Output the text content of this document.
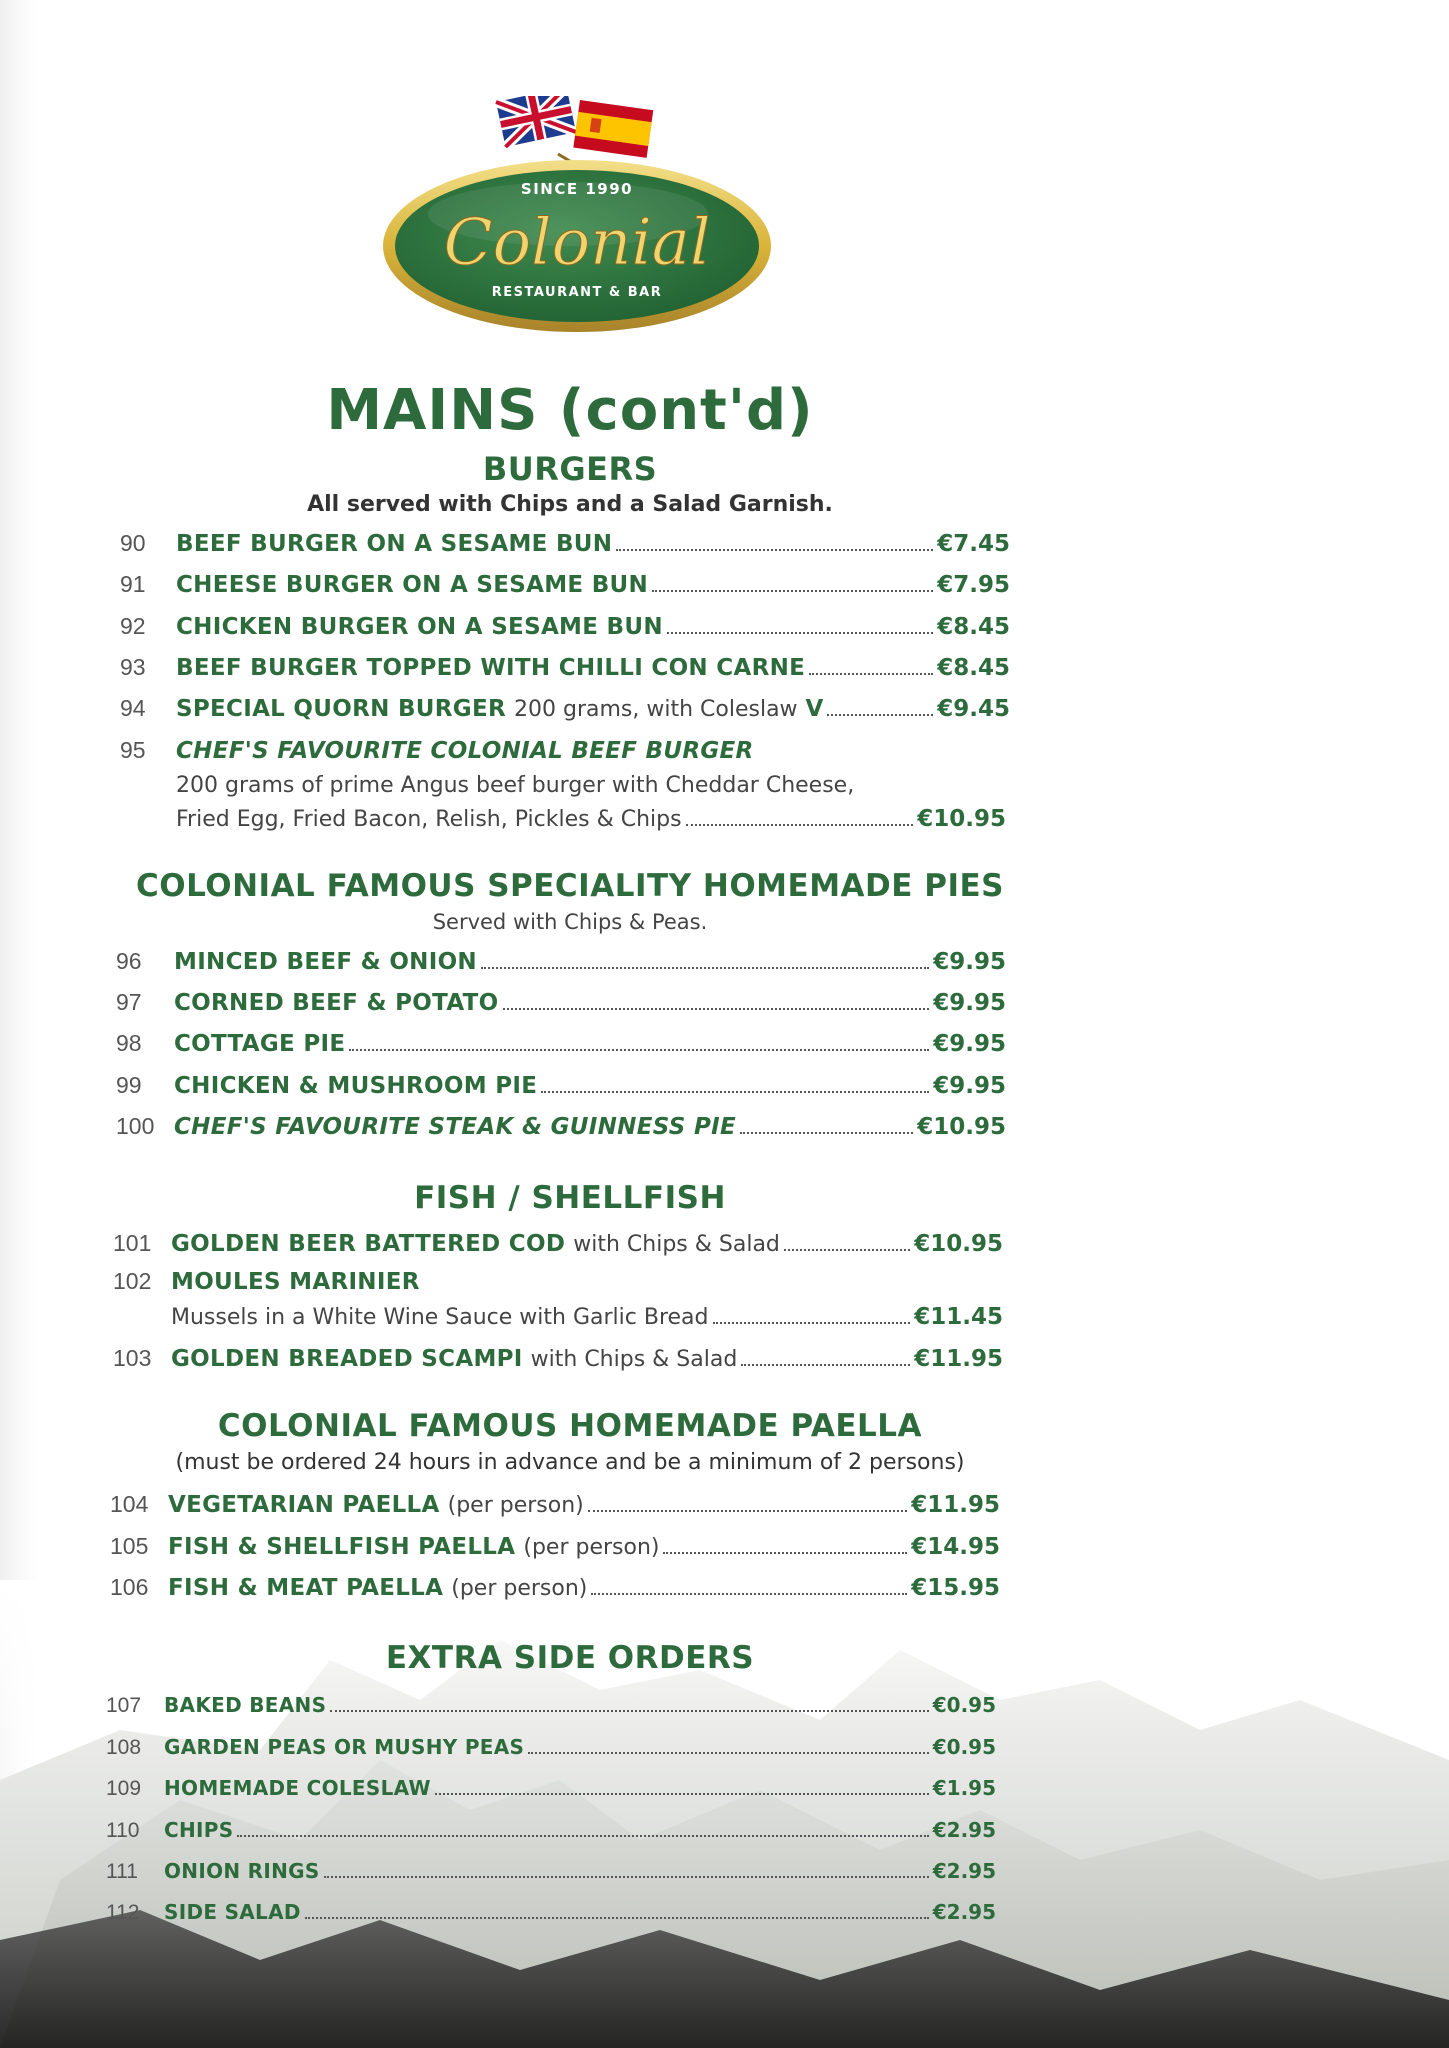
SINCE 1990
Colonial
RESTAURANT & BAR
MAINS (cont'd)
BURGERS
All served with Chips and a Salad Garnish.
90	BEEF BURGER ON A SESAME BUN	€7.45
91	CHEESE BURGER ON A SESAME BUN	€7.95
92	CHICKEN BURGER ON A SESAME BUN	€8.45
93	BEEF BURGER TOPPED WITH CHILLI CON CARNE	€8.45
94	SPECIAL QUORN BURGER 200 grams, with Coleslaw V	€9.45
95	CHEF'S FAVOURITE COLONIAL BEEF BURGER
200 grams of prime Angus beef burger with Cheddar Cheese,
Fried Egg, Fried Bacon, Relish, Pickles & Chips	€10.95
COLONIAL FAMOUS SPECIALITY HOMEMADE PIES
Served with Chips & Peas.
96	MINCED BEEF & ONION	€9.95
97	CORNED BEEF & POTATO	€9.95
98	COTTAGE PIE	€9.95
99	CHICKEN & MUSHROOM PIE	€9.95
100 CHEF'S FAVOURITE STEAK & GUINNESS PIE	€10.95
FISH / SHELLFISH
101 GOLDEN BEER BATTERED COD with Chips & Salad	€10.95
102 MOULES MARINIER
Mussels in a White Wine Sauce with Garlic Bread	€11.45
103 GOLDEN BREADED SCAMPI with Chips & Salad	€11.95
COLONIAL FAMOUS HOMEMADE PAELLA
(must be ordered 24 hours in advance and be a minimum of 2 persons)
104 VEGETARIAN PAELLA (per person)	€11.95
105 FISH & SHELLFISH PAELLA (per person)	€14.95
106 FISH & MEAT PAELLA (per person)	€15.95
EXTRA SIDE ORDERS
107	BAKED BEANS	€0.95
108	GARDEN PEAS OR MUSHY PEAS	€0.95
109	HOMEMADE COLESLAW	€1.95
110	CHIPS	€2.95
111	ONION RINGS	€2.95
112	SIDE SALAD	€2.95
